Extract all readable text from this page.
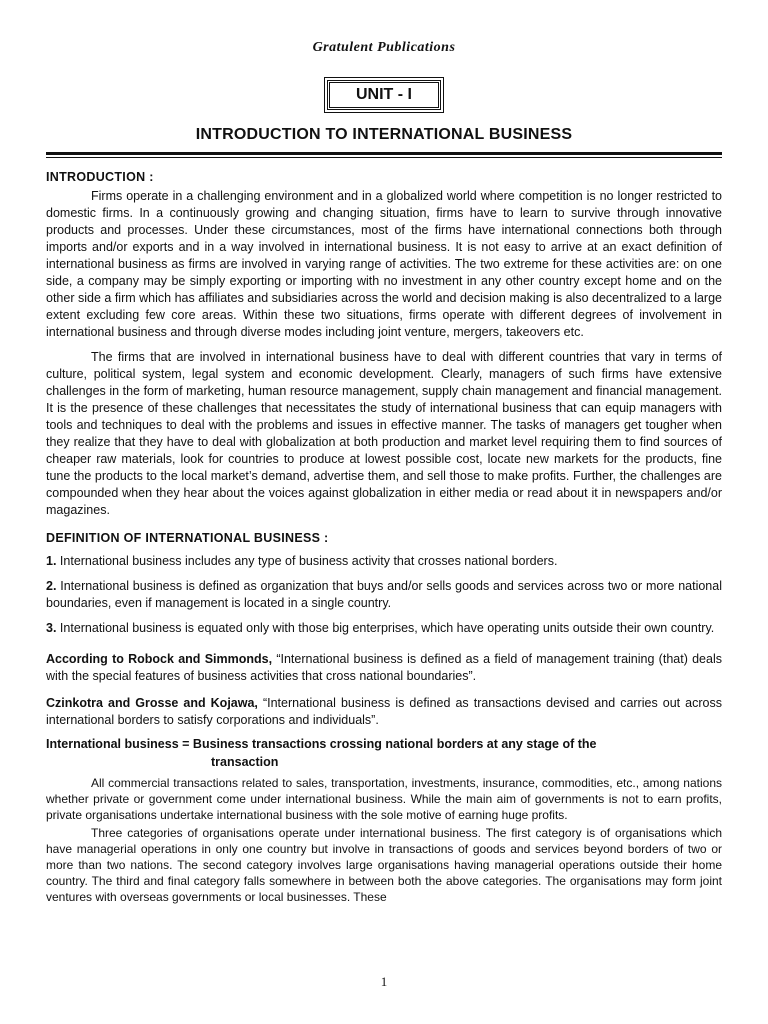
Gratulent Publications
UNIT - I
INTRODUCTION TO INTERNATIONAL BUSINESS
INTRODUCTION :

Firms operate in a challenging environment and in a globalized world where competition is no longer restricted to domestic firms. In a continuously growing and changing situation, firms have to learn to survive through innovative products and processes. Under these circumstances, most of the firms have international connections both through imports and/or exports and in a way involved in international business. It is not easy to arrive at an exact definition of international business as firms are involved in varying range of activities. The two extreme for these activities are: on one side, a company may be simply exporting or importing with no investment in any other country except home and on the other side a firm which has affiliates and subsidiaries across the world and decision making is also decentralized to a large extent excluding few core areas. Within these two situations, firms operate with different degrees of involvement in international business and through diverse modes including joint venture, mergers, takeovers etc.

The firms that are involved in international business have to deal with different countries that vary in terms of culture, political system, legal system and economic development. Clearly, managers of such firms have extensive challenges in the form of marketing, human resource management, supply chain management and financial management. It is the presence of these challenges that necessitates the study of international business that can equip managers with tools and techniques to deal with the problems and issues in effective manner. The tasks of managers get tougher when they realize that they have to deal with globalization at both production and market level requiring them to find sources of cheaper raw materials, look for countries to produce at lowest possible cost, locate new markets for the products, fine tune the products to the local market’s demand, advertise them, and sell those to make profits. Further, the challenges are compounded when they hear about the voices against globalization in either media or read about it in newspapers and/or magazines.

DEFINITION OF INTERNATIONAL BUSINESS :

1. International business includes any type of business activity that crosses national borders.

2. International business is defined as organization that buys and/or sells goods and services across two or more national boundaries, even if management is located in a single country.

3. International business is equated only with those big enterprises, which have operating units outside their own country.

According to Robock and Simmonds, “International business is defined as a field of management training (that) deals with the special features of business activities that cross national boundaries”.

Czinkotra and Grosse and Kojawa, “International business is defined as transactions devised and carries out across international borders to satisfy corporations and individuals”.

International business = Business transactions crossing national borders at any stage of the
transaction

All commercial transactions related to sales, transportation, investments, insurance, commodities, etc., among nations whether private or government come under international business. While the main aim of governments is not to earn profits, private organisations undertake international business with the sole motive of earning huge profits.

Three categories of organisations operate under international business. The first category is of organisations which have managerial operations in only one country but involve in transactions of goods and services beyond borders of two or more than two nations. The second category involves large organisations having managerial operations outside their home country. The third and final category falls somewhere in between both the above categories. The organisations may form joint ventures with overseas governments or local businesses. These

1
